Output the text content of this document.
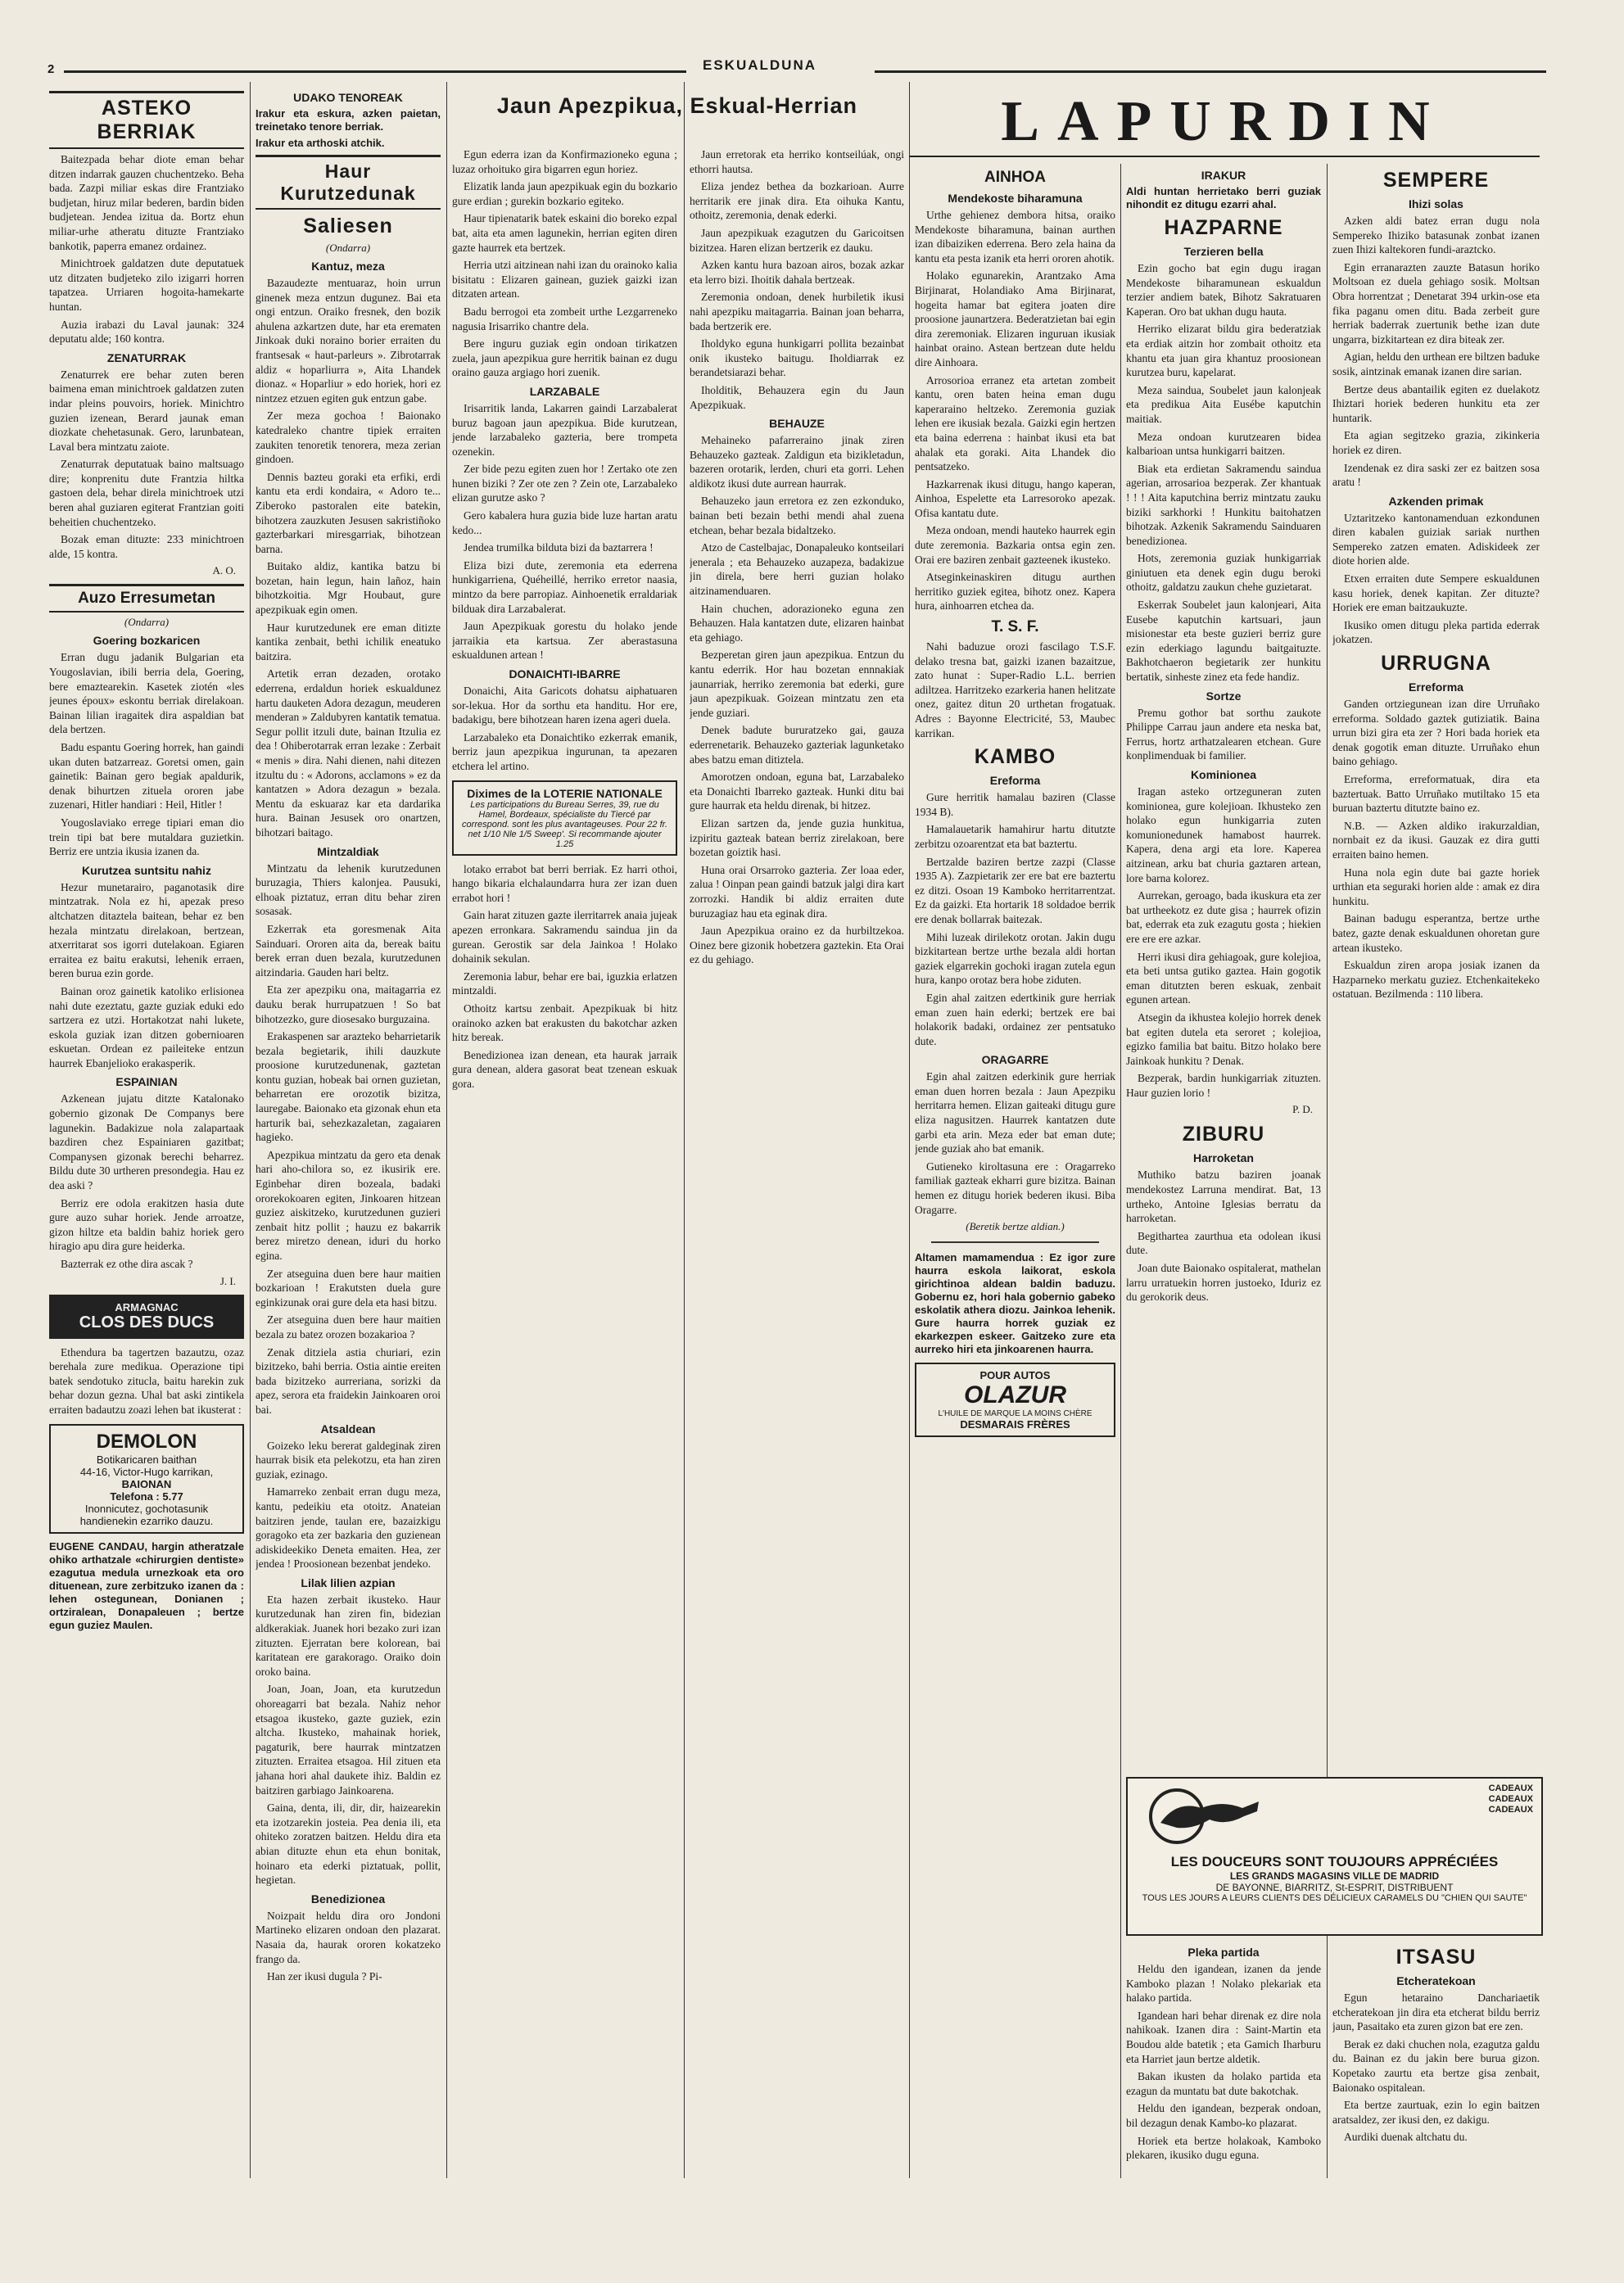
2	ESKUALDUNA
ASTEKO BERRIAK

Baitezpada behar diote eman behar ditzen indarrak gauzen chuchentzeko. Beha bada. Zazpi miliar eskas dire Frantziako budjetan, hiruz milar bederen, bardin biden budjetean. Jendea izitua da. Bortz ehun miliar-urhe atheratu dituzte Frantziako bankotik, paperra emanez ordainez.

Minichtroek galdatzen dute deputatuek utz ditzaten budjeteko zilo izigarri horren tapatzea. Urriaren hogoita-hamekarte huntan.

Auzia irabazi du Laval jaunak: 324 deputatu alde; 160 kontra.

ZENATURRAK

Zenaturrek ere behar zuten beren baimena eman minichtroek galdatzen zuten indar pleins pouvoirs, horiek. Minichtro guzien izenean, Berard jaunak eman diozkate chehetasunak. Gero, larunbatean, Laval bera mintzatu zaiote.

Zenaturrak deputatuak baino maltsuago dire; konprenitu dute Frantzia hiltka gastoen dela, behar direla minichtroek utzi beren ahal guziaren egiterat Frantzian goiti beheitien chuchentzeko.

Bozak eman dituzte: 233 minichtroen alde, 15 kontra.

A. O.
Auzo Erresumetan
(Ondarra)
Goering bozkaricen

Erran dugu jadanik Bulgarian eta Yougoslavian, ibili berria dela, Goering, bere emaztearekin. Kasetek ziotén «les jeunes époux» eskontu berriak direlakoan. Bainan lilian iragaitek dira aspaldian bat dela bertzen.

Badu espantu Goering horrek, han gaindi ukan duten batzarreaz. Goretsi omen, gain gainetik: Bainan gero begiak apaldurik, denak bihurtzen zituela ororen jabe zuzenari, Hitler handiari : Heil, Hitler !

Yougoslaviako errege tipiari eman dio trein tipi bat bere mutaldara guzietkin. Berriz ere untzia ikusia izanen da.

Kurutzea suntsitu nahiz

Hezur munetarairo, paganotasik dire mintzatrak. Nola ez hi, apezak preso altchatzen ditaztela baitean, behar ez ben hezala mintzatu direlakoan, bertzean, atxerritarat sos igorri dutelakoan. Egiaren erraitea ez baitu erakutsi, lehenik erraen, beren burua ezin gorde.

Bainan oroz gainetik katoliko erlisionea nahi dute ezeztatu, gazte guziak eduki edo sartzera ez utzi. Hortakotzat nahi lukete, eskola guziak izan ditzen gobernioaren eskuetan. Ordean ez paileiteke entzun haurrek Ebanjelioko erakasperik.

ESPAINIAN

Azkenean jujatu ditzte Katalonako gobernio gizonak De Companys bere lagunekin. Badakizue nola zalapartaak bazdiren chez Espainiaren gazitbat; Companysen gizonak berechi beharrez. Bildu dute 30 urtheren presondegia. Hau ez dea aski ?

Berriz ere odola erakitzen hasia dute gure auzo suhar horiek. Jende arroatze, gizon hiltze eta baldin bahiz horiek gero hiragio apu dira gure heiderka.

Bazterrak ez othe dira ascak ?

J. I.
ARMAGNAC
CLOS DES DUCS

Ethendura ba tagertzen bazautzu, ozaz berehala zure medikua. Operazione tipi batek sendotuko zitucla, baitu harekin zuk behar dozun gezna. Uhal bat aski zintikela erraiten badautzu zoazi lehen bat ikusterat :

DEMOLON
Botikaricaren baithan
44-16, Victor-Hugo karrikan,
BAIONAN
Telefona : 5.77
Inonnicutez, gochotasunik handienekin ezarriko dauzu.

EUGENE CANDAU, hargin atheratzale ohiko arthatzale «chirurgien dentiste» ezagutua medula urnezkoak eta oro dituenean, zure zerbitzuko izanen da : lehen ostegunean, Donianen ; ortziralean, Donapaleuen ; bertze egun guziez Maulen.

UDAKO TENOREAK

Irakur eta eskura, azken paietan, treinetako tenore berriak.

Irakur eta arthoski atchik.

Haur Kurutzedunak
Saliesen
(Ondarra)
Kantuz, meza

Bazaudezte mentuaraz, hoin urrun ginenek meza entzun dugunez. Bai eta ongi entzun. Oraiko fresnek, den bozik ahulena azkartzen dute, har eta erematen Jinkoak duki noraino borier erraiten du frantsesak « haut-parleurs ». Zibrotarrak aldiz « hoparliurra », Aita Lhandek dionaz. « Hoparliur » edo horiek, hori ez nintzez etzuen egiten guk entzun gabe.

Zer meza gochoa ! Baionako katedraleko chantre tipiek erraiten zaukiten tenoretik tenorera, meza zerian gindoen.

Dennis bazteu goraki eta erfiki, erdi kantu eta erdi kondaira, « Adoro te... Ziberoko pastoralen eite batekin, bihotzera zauzkuten Jesusen sakristiñoko gazterbarkari miresgarriak, bihotzean barna.

Buitako aldiz, kantika batzu bi bozetan, hain legun, hain lañoz, hain bihotzkoitia. Mgr Houbaut, gure apezpikuak egin omen.

Haur kurutzedunek ere eman ditizte kantika zenbait, bethi ichilik eneatuko baitzira.

Artetik erran dezaden, orotako ederrena, erdaldun horiek eskualdunez hartu dauketen Adora dezagun, meuderen menderan » Zaldubyren kantatik tematua. Segur pollit itzuli dute, bainan Itzulia ez dea ! Ohiberotarrak erran lezake : Zerbait « menis » dira. Nahi dienen, nahi ditezen itzultu du : « Adorons, acclamons » ez da kantatzen » Adora dezagun » bezala. Mentu da eskuaraz kar eta dardarika hura. Bainan Jesusek oro onartzen, bihotzari baitago.

Mintzaldiak

Mintzatu da lehenik kurutzedunen buruzagia, Thiers kalonjea. Pausuki, elhoak piztatuz, erran ditu behar ziren sosasak.

Ezkerrak eta goresmenak Aita Sainduari. Ororen aita da, bereak baitu berek erran duen bezala, kurutzedunen aitzindaria. Gauden hari beltz.

Eta zer apezpiku ona, maitagarria ez dauku berak hurrupatzuen ! So bat bihotzezko, gure diosesako burguzaina.

Erakaspenen sar arazteko beharrietarik bezala begietarik, ihili dauzkute proosione kurutzedunenak, gaztetan kontu guzian, hobeak bai ornen guzietan, beharretan ere orozotik bizitza, lauregabe. Baionako eta gizonak ehun eta harturik bai, sehezkazaletan, zagaiaren hagieko.

Apezpikua mintzatu da gero eta denak hari aho-chilora so, ez ikusirik ere. Eginbehar diren bozeala, badaki ororekokoaren egiten, Jinkoaren hitzean guziez aiskitzeko, kurutzedunen guzieri zenbait hitz pollit ; hauzu ez bakarrik berez miretzo denean, iduri du horko egina.

Zer atseguina duen bere haur maitien bozkarioan ! Erakutsten duela gure eginkizunak orai gure dela eta hasi bitzu.

Zer atseguina duen bere haur maitien bezala zu batez orozen bozakarioa ?

Zenak ditziela astia churiari, ezin bizitzeko, bahi berria. Ostia aintie ereiten bada bizitzeko aurreriana, sorizki da apez, serora eta fraidekin Jainkoaren oroi bai.

Atsaldean

Goizeko leku bererat galdeginak ziren haurrak bisik eta pelekotzu, eta han ziren guziak, ezinago.

Hamarreko zenbait erran dugu meza, kantu, pedeikiu eta otoitz. Anateian baitziren jende, taulan ere, bazaizkigu goragoko eta zer bazkaria den guzienean adiskideekiko Deneta emaiten. Hea, zer jendea ! Proosionean bezenbat jendeko.

Lilak lilien azpian

Eta hazen zerbait ikusteko. Haur kurutzedunak han ziren fin, bidezian aldkerakiak. Juanek hori bezako zuri izan zituzten. Ejerratan bere kolorean, bai karitatean ere garakorago. Oraiko doin oroko baina.

Joan, Joan, Joan, eta kurutzedun ohoreagarri bat bezala. Nahiz nehor etsagoa ikusteko, gazte guziek, ezin altcha. Ikusteko, mahainak horiek, pagaturik, bere haurrak mintzatzen zituzten. Erraitea etsagoa. Hil zituen eta jahana hori ahal daukete ihiz. Baldin ez baitziren garbiago Jainkoarena.

Gaina, denta, ili, dir, dir, haizearekin eta izotzarekin josteia. Pea denia ili, eta ohiteko zoratzen baitzen. Heldu dira eta abian dituzte ehun eta ehun bonitak, hoinaro eta ederki piztatuak, pollit, hegietan.

Benedizionea

Noizpait heldu dira oro Jondoni Martineko elizaren ondoan den plazarat. Nasaia da, haurak ororen kokatzeko frango da.

Han zer ikusi dugula ? Pi-

Jaun Apezpikua, Eskual-Herrian

Egun ederra izan da Konfirmazioneko eguna ; luzaz orhoituko gira bigarren egun horiez.

Elizatik landa jaun apezpikuak egin du bozkario gure erdian ; gurekin bozkario egiteko.

Haur tipienatarik batek eskaini dio boreko ezpal bat, aita eta amen lagunekin, herrian egiten diren gazte haurrek eta bertzek.

Herria utzi aitzinean nahi izan du orainoko kalia bisitatu : Elizaren gainean, guziek gaizki izan ditzaten artean.

Badu berrogoi eta zombeit urthe Lezgarreneko nagusia Irisarriko chantre dela.

Bere inguru guziak egin ondoan tirikatzen zuela, jaun apezpikua gure herritik bainan ez dugu oraino gauza argiago hori zuenik.

LARZABALE

Irisarritik landa, Lakarren gaindi Larzabalerat buruz bagoan jaun apezpikua. Bide kurutzean, jende larzabaleko gazteria, bere trompeta ozenekin.

Zer bide pezu egiten zuen hor ! Zertako ote zen hunen biziki ? Zer ote zen ? Zein ote, Larzabaleko elizan gurutze asko ?

Gero kabalera hura guzia bide luze hartan aratu kedo...

Jendea trumilka bilduta bizi da baztarrera !

Eliza bizi dute, zeremonia eta ederrena hunkigarriena, Quéheillé, herriko erretor naasia, mintzo da bere parropiaz. Ainhoenetik erraldariak bilduak dira Larzabalerat.

Jaun Apezpikuak gorestu du holako jende jarraikia eta kartsua. Zer aberastasuna eskualdunen artean !

DONAICHTI-IBARRE

Donaichi, Aita Garicots dohatsu aiphatuaren sor-lekua. Hor da sorthu eta handitu. Hor ere, badakigu, bere bihotzean haren izena ageri duela.

Larzabaleko eta Donaichtiko ezkerrak emanik, berriz jaun apezpikua ingurunan, ta apezaren etchera lel artino.

Diximes de la LOTERIE NATIONALE
Les participations du Bureau Serres, 39, rue du Hamel, Bordeaux, spécialiste du Tiercé par correspond. sont les plus avantageuses. Pour 22 fr. net 1/10 Nle 1/5 Sweep'. Si recommande ajouter 1.25

lotako errabot bat berri berriak. Ez harri othoi, hango bikaria elchalaundarra hura zer izan duen errabot hori !

Gain harat zituzen gazte ilerritarrek anaia jujeak apezen erronkara. Sakramendu saindua jin da gurean. Gerostik sar dela Jainkoa ! Holako dohainik sekulan.

Zeremonia labur, behar ere bai, iguzkia erlatzen mintzaldi.

Othoitz kartsu zenbait. Apezpikuak bi hitz orainoko azken bat erakusten du bakotchar azken hitz bereak.

Benedizionea izan denean, eta haurak jarraik gura denean, aldera gasorat beat tzenean eskuak gora.

Jaun erretorak eta herriko kontseilúak, ongi ethorri hautsa.

Eliza jendez bethea da bozkarioan. Aurre herritarik ere jinak dira. Eta oihuka Kantu, othoitz, zeremonia, denak ederki.

Jaun apezpikuak ezagutzen du Garicoitsen bizitzea. Haren elizan bertzerik ez dauku.

Azken kantu hura bazoan airos, bozak azkar eta lerro bizi. Ihoitik dahala bertzeak.

Zeremonia ondoan, denek hurbiletik ikusi nahi apezpiku maitagarria. Bainan joan beharra, bada bertzerik ere.

Iholdyko eguna hunkigarri pollita bezainbat onik ikusteko baitugu. Iholdiarrak ez berandetsiarazi behar.

Iholditik, Behauzera egin du Jaun Apezpikuak.

BEHAUZE

Mehaineko pafarreraino jinak ziren Behauzeko gazteak. Zaldigun eta bizikletadun, bazeren orotarik, lerden, churi eta gorri. Lehen aldikotz ikusi dute aurrean haurrak.

Behauzeko jaun erretora ez zen ezkonduko, bainan beti bezain bethi mendi ahal zuena etchean, behar bezala bidaltzeko.

Atzo de Castelbajac, Donapaleuko kontseilari jenerala ; eta Behauzeko auzapeza, badakizue jin direla, bere herri guzian holako aitzinamenduaren.

Hain chuchen, adorazioneko eguna zen Behauzen. Hala kantatzen dute, elizaren hainbat eta gehiago.

Bezperetan giren jaun apezpikua. Entzun du kantu ederrik. Hor hau bozetan ennnakiak jaunarriak, herriko zeremonia bat ederki, gure jaun apezpikuak. Goizean mintzatu zen eta jende guziari.

Denek badute bururatzeko gai, gauza ederrenetarik. Behauzeko gazteriak lagunketako abes batzu eman ditiztela.

Amorotzen ondoan, eguna bat, Larzabaleko eta Donaichti Ibarreko gazteak. Hunki ditu bai gure haurrak eta heldu direnak, bi hitzez.

Elizan sartzen da, jende guzia hunkitua, izpiritu gazteak batean berriz zirelakoan, bere bozetan goiztik hasi.

Huna orai Orsarroko gazteria. Zer loaa eder, zalua ! Oinpan pean gaindi batzuk jalgi dira kart zorrozki. Handik bi aldiz erraiten dute buruzagiaz hau eta eginak dira.

Jaun Apezpikua oraino ez da hurbiltzekoa. Oinez bere gizonik hobetzera gaztekin. Eta Orai ez du gehiago.

LAPURDIN
AINHOA
Mendekoste biharamuna

Urthe gehienez dembora hitsa, oraiko Mendekoste biharamuna, bainan aurthen izan dibaiziken ederrena. Bero zela haina da kantu eta pesta izanik eta herri ororen ahotik.

Holako egunarekin, Arantzako Ama Birjinarat, Holandiako Ama Birjinarat, hogeita hamar bat egitera joaten dire proosione jaunartzera. Bederatzietan bai egin dira zeremoniak. Elizaren inguruan ikusiak hainbat oraino. Astean bertzean dute heldu dire Ainhoara.

Arrosorioa erranez eta artetan zombeit kantu, oren baten heina eman dugu kaperaraino heltzeko. Zeremonia guziak lehen ere ikusiak bezala. Gaizki egin hertzen eta baina ederrena : hainbat ikusi eta bat ahalak eta goraki. Aita Lhandek dio pentsatzeko.

Hazkarrenak ikusi ditugu, hango kaperan, Ainhoa, Espelette eta Larresoroko apezak. Ofisa kantatu dute.

Meza ondoan, mendi hauteko haurrek egin dute zeremonia. Bazkaria ontsa egin zen. Orai ere baziren zenbait gazteenek ikusteko.

Atseginkeinaskiren ditugu aurthen herritiko guziek egitea, bihotz onez. Kapera hura, ainhoarren etchea da.

T. S. F.

Nahi baduzue orozi fascilago T.S.F. delako tresna bat, gaizki izanen bazaitzue, zato hunat : Super-Radio L.L. berrien adiltzea. Harritzeko ezarkeria hanen helitzate onez, gaitez ditun 20 urthetan frogatuak. Adres : Bayonne Electricité, 53, Maubec karrikan.

KAMBO
Ereforma

Gure herritik hamalau baziren (Classe 1934 B).

Hamalauetarik hamahirur hartu ditutzte zerbitzu ozoarentzat eta bat baztertu.

Bertzalde baziren bertze zazpi (Classe 1935 A). Zazpietarik zer ere bat ere baztertu ez ditzi. Osoan 19 Kamboko herritarrentzat. Ez da gaizki. Eta hortarik 18 soldadoe berrik ere denak bollarrak baitezak.

Mihi luzeak dirilekotz orotan. Jakin dugu bizkitartean bertze urthe bezala aldi hortan gaziek elgarrekin gochoki iragan zutela egun hura, kanpo orotaz bera hobe ziduten.

Egin ahal zaitzen edertkinik gure herriak eman zuen hain ederki; bertzek ere bai holakorik badaki, ordainez zer pentsatuko dute.

ORAGARRE

Egin ahal zaitzen ederkinik gure herriak eman duen horren bezala : Jaun Apezpiku herritarra hemen. Elizan gaiteaki ditugu gure eliza nagusitzen. Haurrek kantatzen dute garbi eta arin. Meza eder bat eman dute; jende guziak aho bat emanik.

Gutieneko kiroltasuna ere : Oragarreko familiak gazteak ekharri gure bizitza. Bainan hemen ez ditugu horiek bederen ikusi. Biba Oragarre.

(Beretik bertze aldian.)

Altamen mamamendua : Ez igor zure haurra eskola laikorat, eskola girichtinoa aldean baldin baduzu. Gobernu ez, hori hala gobernio gabeko eskolatik athera diozu. Jainkoa lehenik. Gure haurra horrek guziak ez ekarkezpen eskeer. Gaitzeko zure eta aurreko hiri eta jinkoarenen haurra.

POUR AUTOS
OLAZUR
L'HUILE DE MARQUE LA MOINS CHÈRE
DESMARAIS FRÈRES
IRAKUR

Aldi huntan herrietako berri guziak nihondit ez ditugu ezarri ahal.

HAZPARNE
Terzieren bella

Ezin gocho bat egin dugu iragan Mendekoste biharamunean eskualdun terzier andiem batek, Bihotz Sakratuaren Kaperan. Oro bat ukhan dugu hauta.

Herriko elizarat bildu gira bederatziak eta erdiak aitzin hor zombait othoitz eta khantu eta juan gira khantuz proosionean kurutzea buru, kapelarat.

Meza saindua, Soubelet jaun kalonjeak eta predikua Aita Eusébe kaputchin maitiak.

Meza ondoan kurutzearen bidea kalbarioan untsa hunkigarri baitzen.

Biak eta erdietan Sakramendu saindua agerian, arrosarioa bezperak. Zer khantuak ! ! ! Aita kaputchina berriz mintzatu zauku biziki sarkhorki ! Hunkitu baitohatzen bihotzak. Azkenik Sakramendu Sainduaren benedizionea.

Hots, zeremonia guziak hunkigarriak giniutuen eta denek egin dugu beroki othoitz, galdatzu zaukun chehe guzietarat.

Eskerrak Soubelet jaun kalonjeari, Aita Eusebe kaputchin kartsuari, jaun misionestar eta beste guzieri berriz gure ezin ederkiago lagundu baitgaituzte. Bakhotchaeron begietarik zer hunkitu bertatik, sinheste zinez eta fede handiz.

Sortze

Premu gothor bat sorthu zaukote Philippe Carrau jaun andere eta neska bat, Ferrus, hortz arthatzalearen etchean. Gure konplimenduak bi familier.

Kominionea

Iragan asteko ortzeguneran zuten kominionea, gure kolejioan. Ikhusteko zen holako egun hunkigarria zuten komunionedunek hamabost haurrek. Kapera, dena argi eta lore. Kaperea aitzinean, arku bat churia gaztaren artean, lore barna kolorez.

Aurrekan, geroago, bada ikuskura eta zer bat urtheekotz ez dute gisa ; haurrek ofizin bat, ederrak eta zuk ezagutu gosta ; hiekien ere ere ere azkar.

Herri ikusi dira gehiagoak, gure kolejioa, eta beti untsa gutiko gaztea. Hain gogotik eman ditutzten beren eskuak, zenbait egunen artean.

Atsegin da ikhustea kolejio horrek denek bat egiten dutela eta seroret ; kolejioa, egizko familia bat baitu. Bitzo holako bere Jainkoak hunkitu ? Denak.

Bezperak, bardin hunkigarriak zituzten. Haur guzien lorio !

P. D.
ZIBURU
Harroketan

Muthiko batzu baziren joanak mendekostez Larruna mendirat. Bat, 13 urtheko, Antoine Iglesias berratu da harroketan.

Begitharteа zaurthua eta odolean ikusi dute.

Joan dute Baionako ospitalerat, mathelan larru urratuekin horren justoeko, Iduriz ez du gerokorik deus.

SEMPERE
Ihizi solas

Azken aldi batez erran dugu nola Sempereko Ihiziko batasunak zonbat izanen zuen Ihizi kaltekoren fundi-araztcko.

Egin erranarazten zauzte Batasun horiko Moltsoan ez duela gehiago sosik. Moltsan Obra horrentzat ; Denetarat 394 urkin-ose eta fika paganu omen ditu. Bada zerbeit gure herriak baderrak zuertunik bethe izan dute ungarra, bizkitartean ez dira biteak zer.

Agian, heldu den urthean ere biltzen baduke sosik, aintzinak emanak izanen dire sarian.

Bertze deus abantailik egiten ez duelakotz Ihiztari horiek bederen hunkitu eta zer huntarik.

Eta agian segitzeko grazia, zikinkeria horiek ez diren.

Izendenak ez dira saski zer ez baitzen sosa aratu !

Azkenden primak

Uztaritzeko kantonamenduan ezkondunen diren kabalen guiziak sariak nurthen Sempereko zatzen ematen. Adiskideek zer diote horien alde.

Etxen erraiten dute Sempere eskualdunen kasu horiek, denek kapitan. Zer dituzte? Horiek ere eman baitzaukuzte.

Ikusiko omen ditugu pleka partida ederrak jokatzen.

URRUGNA
Erreforma

Ganden ortziegunean izan dire Urruñako erreforma. Soldado gaztek gutiziatik. Baina urrun bizi gira eta zer ? Hori bada horiek eta denak gogotik eman dituzte. Urruñako ehun baino gehiago.

Erreforma, erreformatuak, dira eta baztertuak. Batto Urruñako mutiltako 15 eta buruan baztertu ditutzte baino ez.

N.B. — Azken aldiko irakurzaldian, nornbait ez da ikusi. Gauzak ez dira gutti erraiten baino hemen.

Huna nola egin dute bai gazte horiek urthian eta seguraki horien alde : amak ez dira hunkitu.

Bainan badugu esperantza, bertze urthe batez, gazte denak eskualdunen ohoretan gure artean ikusteko.

Eskualdun ziren aropa josiak izanen da Hazparneko merkatu guziez. Etchenkaitekeko ostatuan. Bezilmenda : 110 libera.

CADEAUX
CADEAUX
CADEAUX
LES DOUCEURS SONT TOUJOURS APPRÉCIÉES
LES GRANDS MAGASINS VILLE DE MADRID
DE BAYONNE, BIARRITZ, St-ESPRIT, DISTRIBUENT
TOUS LES JOURS A LEURS CLIENTS DES DÉLICIEUX CARAMELS DU "CHIEN QUI SAUTE"
Pleka partida

Heldu den igandean, izanen da jende Kamboko plazan ! Nolako plekariak eta halako partida.

Igandean hari behar direnak ez dire nola nahikoak. Izanen dira : Saint-Martin eta Boudou alde batetik ; eta Gamich Iharburu eta Harriet jaun bertze aldetik.

Bakan ikusten da holako partida eta ezagun da muntatu bat dute bakotchak.

Heldu den igandean, bezperak ondoan, bil dezagun denak Kambo-ko plazarat.

Horiek eta bertze holakoak, Kamboko plekaren, ikusiko dugu eguna.

ITSASU
Etcheratekoan

Egun hetaraino Danchariaetik etcheratekoan jin dira eta etcherat bildu berriz jaun, Pasaitako eta zuren gizon bat ere zen.

Berak ez daki chuchen nola, ezagutza galdu du. Bainan ez du jakin bere burua gizon. Kopetako zaurtu eta bertze gisa zenbait, Baionako ospitalean.

Eta bertze zaurtuak, ezin lo egin baitzen aratsaldez, zer ikusi den, ez dakigu.

Aurdiki duenak altchatu du.
